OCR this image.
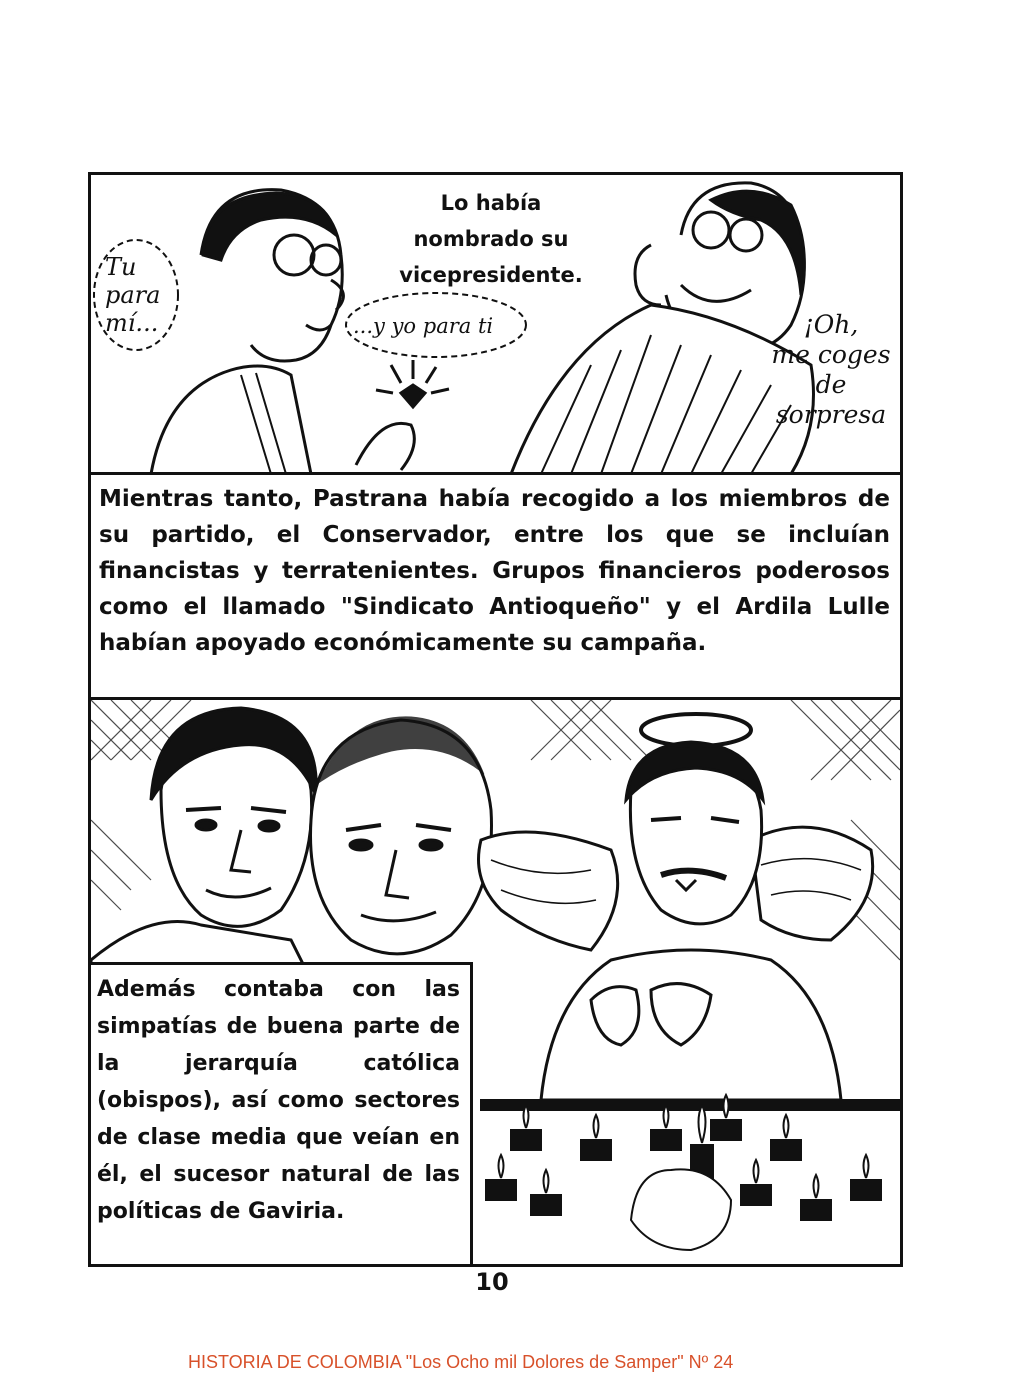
Lo había
nombrado su
vicepresidente.
Tu
para
mí...	...y yo para ti	¡Oh,
me coges
de
sorpresa
Mientras tanto, Pastrana había recogido a los miembros de su partido, el Conservador, entre los que se incluían financistas y terratenientes. Grupos financieros poderosos como el llamado "Sindicato Antioqueño" y el Ardila Lulle habían apoyado económicamente su campaña.
Además contaba con las simpatías de buena parte de la jerarquía católica (obispos), así como sectores de clase media que veían en él, el sucesor natural de las políticas de Gaviria.
10
HISTORIA DE COLOMBIA "Los Ocho mil Dolores de Samper" Nº 24
